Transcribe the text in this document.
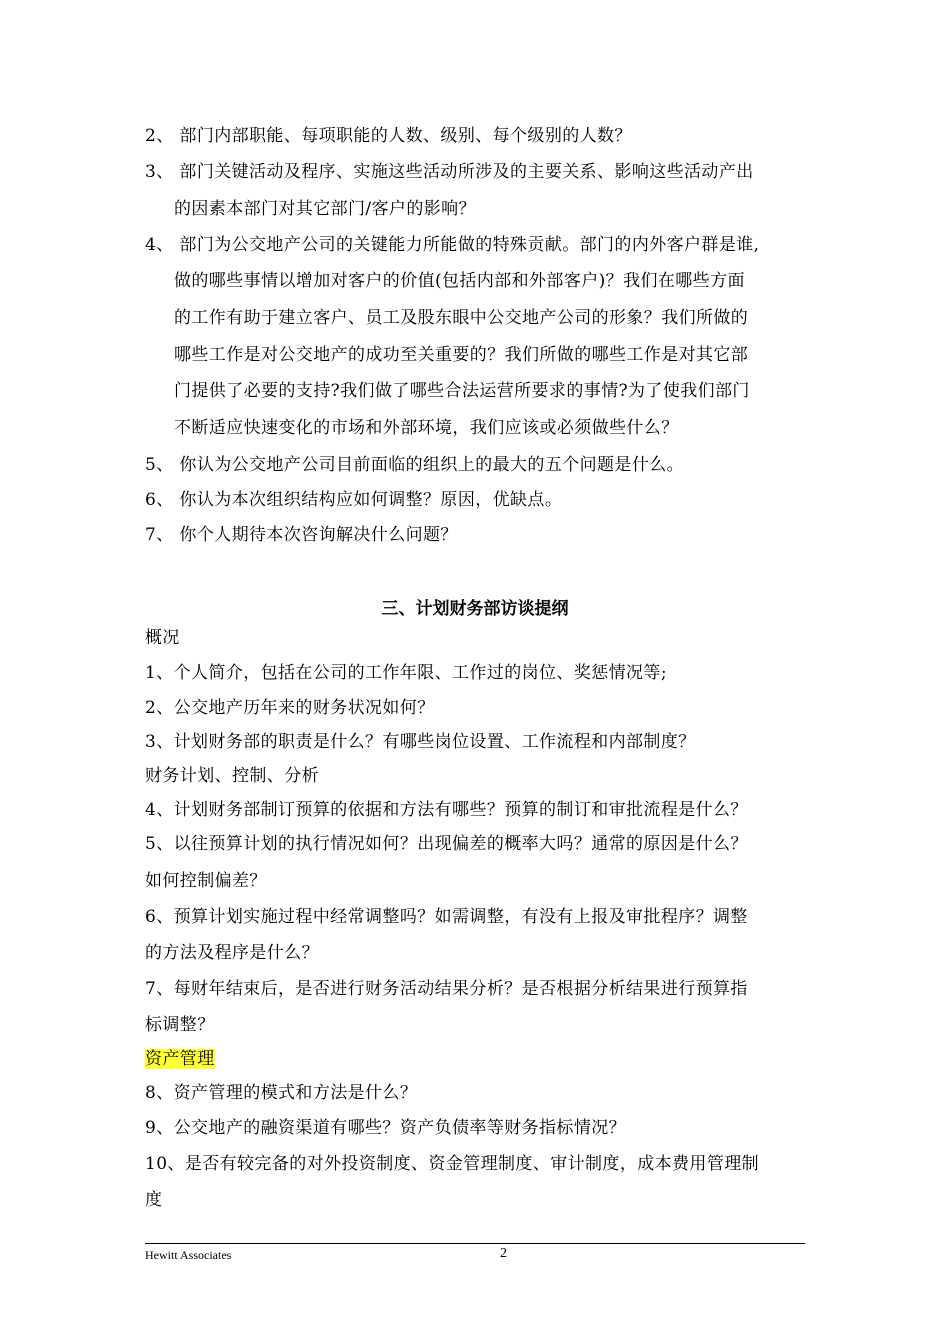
2、 部门内部职能、每项职能的人数、级别、每个级别的人数？
3、 部门关键活动及程序、实施这些活动所涉及的主要关系、影响这些活动产出
的因素本部门对其它部门/客户的影响？
4、 部门为公交地产公司的关键能力所能做的特殊贡献。部门的内外客户群是谁,
做的哪些事情以增加对客户的价值(包括内部和外部客户)？我们在哪些方面
的工作有助于建立客户、员工及股东眼中公交地产公司的形象？我们所做的
哪些工作是对公交地产的成功至关重要的？我们所做的哪些工作是对其它部
门提供了必要的支持?我们做了哪些合法运营所要求的事情?为了使我们部门
不断适应快速变化的市场和外部环境，我们应该或必须做些什么？
5、 你认为公交地产公司目前面临的组织上的最大的五个问题是什么。
6、 你认为本次组织结构应如何调整？原因，优缺点。
7、 你个人期待本次咨询解决什么问题？
三、计划财务部访谈提纲
概况
1、个人简介，包括在公司的工作年限、工作过的岗位、奖惩情况等;
2、公交地产历年来的财务状况如何？
3、计划财务部的职责是什么？有哪些岗位设置、工作流程和内部制度？
财务计划、控制、分析
4、计划财务部制订预算的依据和方法有哪些？预算的制订和审批流程是什么？
5、以往预算计划的执行情况如何？出现偏差的概率大吗？通常的原因是什么？
如何控制偏差？
6、预算计划实施过程中经常调整吗？如需调整，有没有上报及审批程序？调整
的方法及程序是什么？
7、每财年结束后，是否进行财务活动结果分析？是否根据分析结果进行预算指
标调整？
资产管理
8、资产管理的模式和方法是什么？
9、公交地产的融资渠道有哪些？资产负债率等财务指标情况？
10、是否有较完备的对外投资制度、资金管理制度、审计制度，成本费用管理制
度
Hewitt Associates	2
